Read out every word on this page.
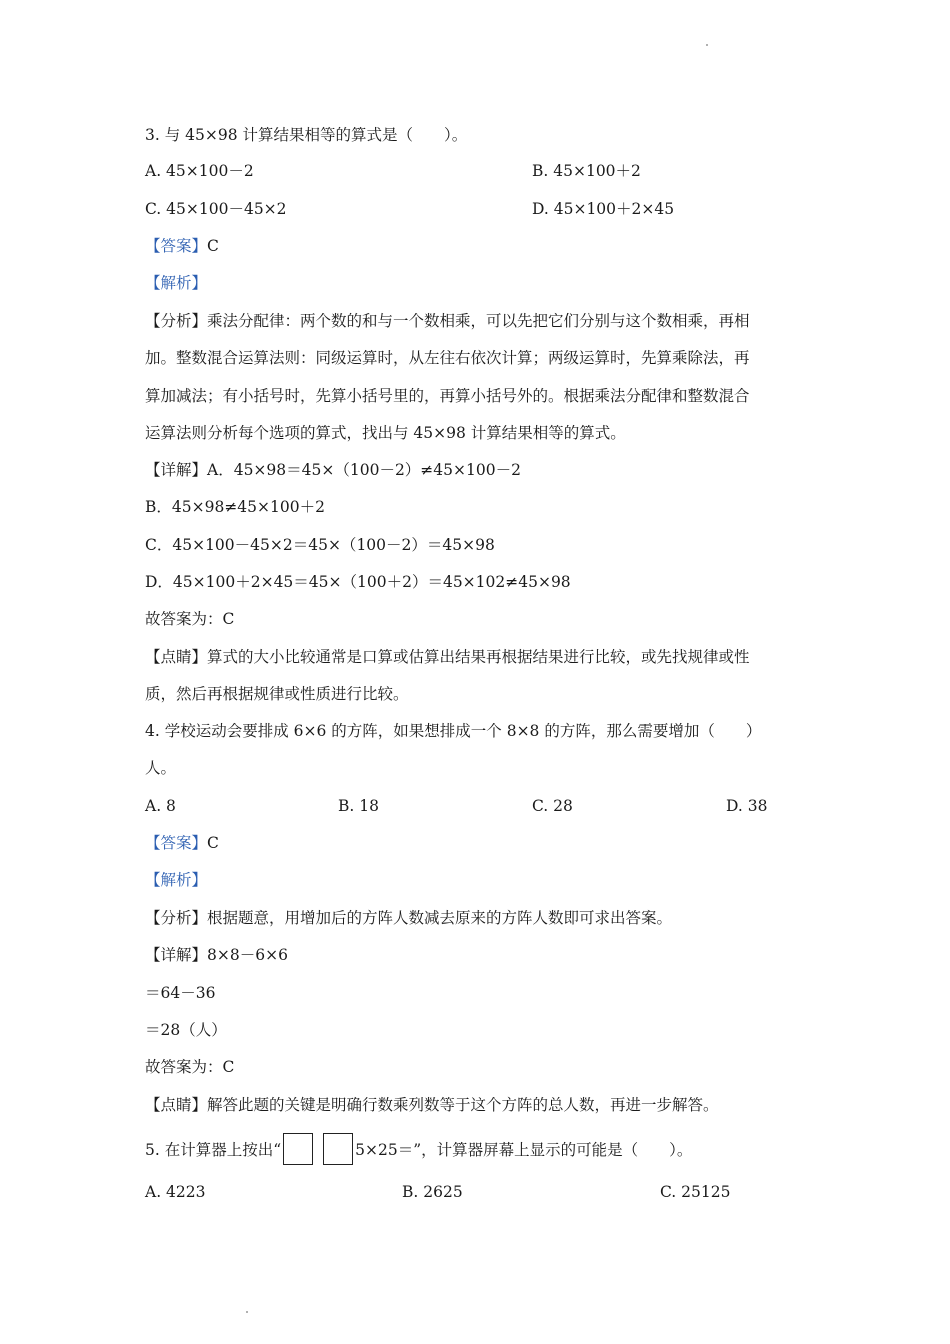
3. 与 45×98 计算结果相等的算式是（　　）。
A. 45×100－2	B. 45×100＋2
C. 45×100－45×2	D. 45×100＋2×45
【答案】C
【解析】
【分析】乘法分配律：两个数的和与一个数相乘，可以先把它们分别与这个数相乘，再相
加。整数混合运算法则：同级运算时，从左往右依次计算；两级运算时，先算乘除法，再
算加减法；有小括号时，先算小括号里的，再算小括号外的。根据乘法分配律和整数混合
运算法则分析每个选项的算式，找出与 45×98 计算结果相等的算式。
【详解】A．45×98＝45×（100－2）≠45×100－2
B．45×98≠45×100＋2
C．45×100－45×2＝45×（100－2）＝45×98
D．45×100＋2×45＝45×（100＋2）＝45×102≠45×98
故答案为：C
【点睛】算式的大小比较通常是口算或估算出结果再根据结果进行比较，或先找规律或性
质，然后再根据规律或性质进行比较。
4. 学校运动会要排成 6×6 的方阵，如果想排成一个 8×8 的方阵，那么需要增加（　　）
人。
A. 8	B. 18	C. 28	D. 38
【答案】C
【解析】
【分析】根据题意，用增加后的方阵人数减去原来的方阵人数即可求出答案。
【详解】8×8－6×6
＝64－36
＝28（人）
故答案为：C
【点睛】解答此题的关键是明确行数乘列数等于这个方阵的总人数，再进一步解答。
5. 在计算器上按出“	5×25＝”，计算器屏幕上显示的可能是（　　）。
A. 4223	B. 2625	C. 25125
